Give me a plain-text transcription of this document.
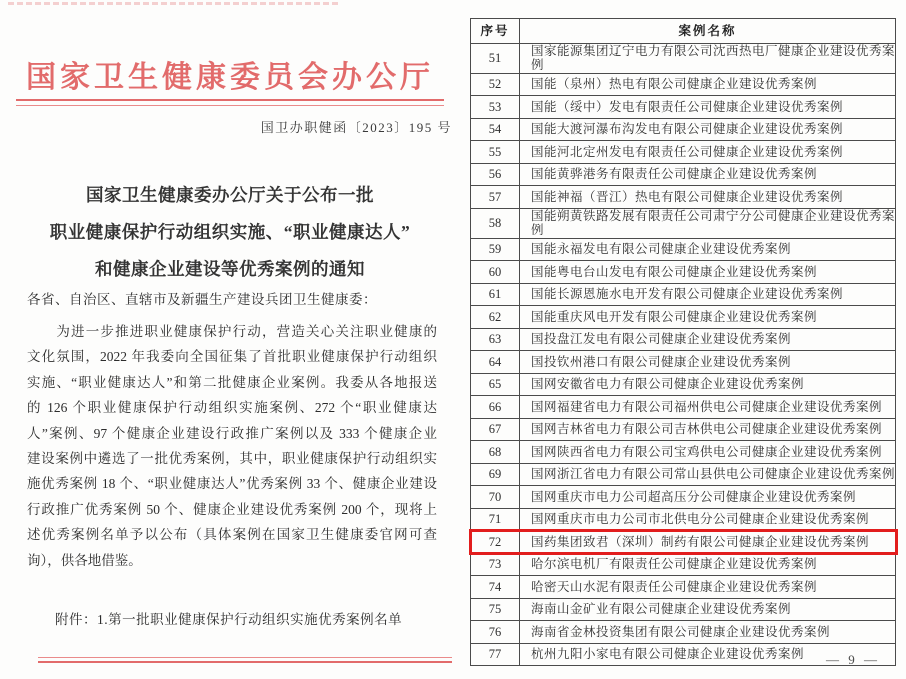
国家卫生健康委员会办公厅
国卫办职健函〔2023〕195 号
国家卫生健康委办公厅关于公布一批
职业健康保护行动组织实施、“职业健康达人”
和健康企业建设等优秀案例的通知
各省、自治区、直辖市及新疆生产建设兵团卫生健康委：
　　为进一步推进职业健康保护行动，营造关心关注职业健康的
文化氛围，2022 年我委向全国征集了首批职业健康保护行动组织
实施、“职业健康达人”和第二批健康企业案例。我委从各地报送
的 126 个职业健康保护行动组织实施案例、272 个“职业健康达
人”案例、97 个健康企业建设行政推广案例以及 333 个健康企业
建设案例中遴选了一批优秀案例，其中，职业健康保护行动组织实
施优秀案例 18 个、“职业健康达人”优秀案例 33 个、健康企业建设
行政推广优秀案例 50 个、健康企业建设优秀案例 200 个，现将上
述优秀案例名单予以公布（具体案例在国家卫生健康委官网可查
询），供各地借鉴。
附件：1.第一批职业健康保护行动组织实施优秀案例名单
序号	案例名称
51	国家能源集团辽宁电力有限公司沈西热电厂健康企业建设优秀案例
52	国能（泉州）热电有限公司健康企业建设优秀案例
53	国能（绥中）发电有限责任公司健康企业建设优秀案例
54	国能大渡河瀑布沟发电有限公司健康企业建设优秀案例
55	国能河北定州发电有限责任公司健康企业建设优秀案例
56	国能黄骅港务有限责任公司健康企业建设优秀案例
57	国能神福（晋江）热电有限公司健康企业建设优秀案例
58	国能朔黄铁路发展有限责任公司肃宁分公司健康企业建设优秀案例
59	国能永福发电有限公司健康企业建设优秀案例
60	国能粤电台山发电有限公司健康企业建设优秀案例
61	国能长源恩施水电开发有限公司健康企业建设优秀案例
62	国能重庆风电开发有限公司健康企业建设优秀案例
63	国投盘江发电有限公司健康企业建设优秀案例
64	国投钦州港口有限公司健康企业建设优秀案例
65	国网安徽省电力有限公司健康企业建设优秀案例
66	国网福建省电力有限公司福州供电公司健康企业建设优秀案例
67	国网吉林省电力有限公司吉林供电公司健康企业建设优秀案例
68	国网陕西省电力有限公司宝鸡供电公司健康企业建设优秀案例
69	国网浙江省电力有限公司常山县供电公司健康企业建设优秀案例
70	国网重庆市电力公司超高压分公司健康企业建设优秀案例
71	国网重庆市电力公司市北供电分公司健康企业建设优秀案例
72	国药集团致君（深圳）制药有限公司健康企业建设优秀案例
73	哈尔滨电机厂有限责任公司健康企业建设优秀案例
74	哈密天山水泥有限责任公司健康企业建设优秀案例
75	海南山金矿业有限公司健康企业建设优秀案例
76	海南省金林投资集团有限公司健康企业建设优秀案例
77	杭州九阳小家电有限公司健康企业建设优秀案例 — 9 —
